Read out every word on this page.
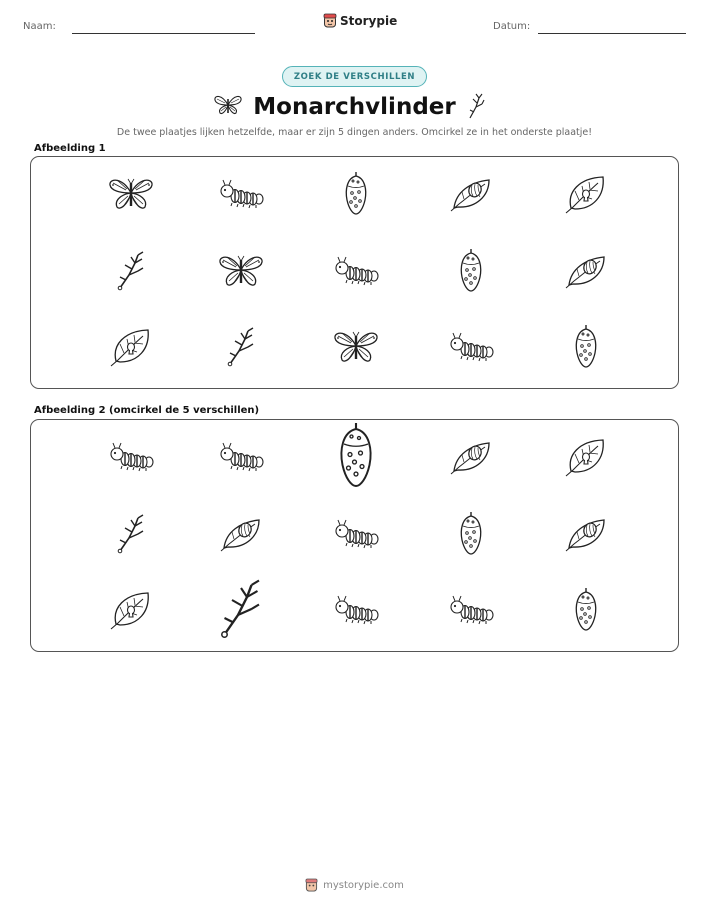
Naam:	Storypie	Datum:
ZOEK DE VERSCHILLEN
Monarchvlinder
De twee plaatjes lijken hetzelfde, maar er zijn 5 dingen anders. Omcirkel ze in het onderste plaatje!
Afbeelding 1
Afbeelding 2 (omcirkel de 5 verschillen)
mystorypie.com
